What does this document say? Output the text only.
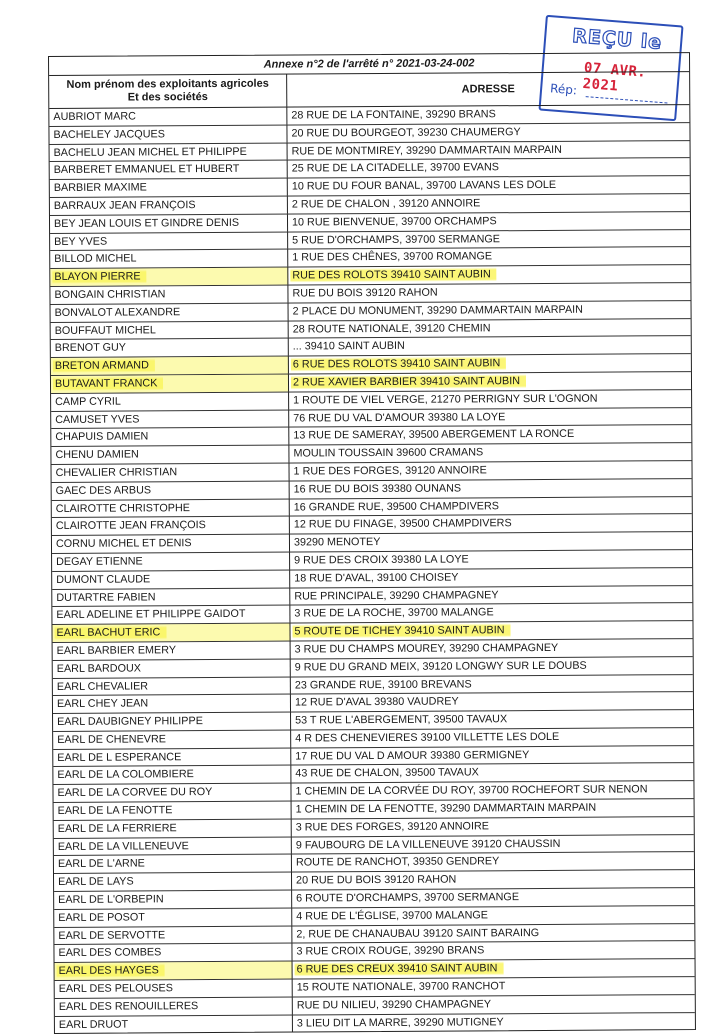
REÇU le
07 AVR. 2021
Rép:
Annexe n°2 de l'arrêté n° 2021-03-24-002
Nom prénom des exploitants agricoles
Et des sociétés
ADRESSE
AUBRIOT MARC	28 RUE DE LA FONTAINE, 39290 BRANS
BACHELEY JACQUES	20 RUE DU BOURGEOT, 39230 CHAUMERGY
BACHELU JEAN MICHEL ET PHILIPPE	RUE DE MONTMIREY, 39290 DAMMARTAIN MARPAIN
BARBERET EMMANUEL ET HUBERT	25 RUE DE LA CITADELLE, 39700 EVANS
BARBIER MAXIME	10 RUE DU FOUR BANAL, 39700 LAVANS LES DOLE
BARRAUX JEAN FRANÇOIS	2 RUE DE CHALON , 39120 ANNOIRE
BEY JEAN LOUIS ET GINDRE DENIS	10 RUE BIENVENUE, 39700 ORCHAMPS
BEY YVES	5 RUE D'ORCHAMPS, 39700 SERMANGE
BILLOD MICHEL	1 RUE DES CHÊNES, 39700 ROMANGE
BLAYON PIERRE	RUE DES ROLOTS 39410 SAINT AUBIN
BONGAIN CHRISTIAN	RUE DU BOIS 39120 RAHON
BONVALOT ALEXANDRE	2 PLACE DU MONUMENT, 39290 DAMMARTAIN MARPAIN
BOUFFAUT MICHEL	28 ROUTE NATIONALE, 39120 CHEMIN
BRENOT GUY	... 39410 SAINT AUBIN
BRETON ARMAND	6 RUE DES ROLOTS 39410 SAINT AUBIN
BUTAVANT FRANCK	2 RUE XAVIER BARBIER 39410 SAINT AUBIN
CAMP CYRIL	1 ROUTE DE VIEL VERGE, 21270 PERRIGNY SUR L'OGNON
CAMUSET YVES	76 RUE DU VAL D'AMOUR 39380 LA LOYE
CHAPUIS DAMIEN	13 RUE DE SAMERAY, 39500 ABERGEMENT LA RONCE
CHENU DAMIEN	MOULIN TOUSSAIN 39600 CRAMANS
CHEVALIER CHRISTIAN	1 RUE DES FORGES, 39120 ANNOIRE
GAEC DES ARBUS	16 RUE DU BOIS 39380 OUNANS
CLAIROTTE CHRISTOPHE	16 GRANDE RUE, 39500 CHAMPDIVERS
CLAIROTTE JEAN FRANÇOIS	12 RUE DU FINAGE, 39500 CHAMPDIVERS
CORNU MICHEL ET DENIS	39290 MENOTEY
DEGAY ETIENNE	9 RUE DES CROIX 39380 LA LOYE
DUMONT CLAUDE	18 RUE D'AVAL, 39100 CHOISEY
DUTARTRE FABIEN	RUE PRINCIPALE, 39290 CHAMPAGNEY
EARL ADELINE ET PHILIPPE GAIDOT	3 RUE DE LA ROCHE, 39700 MALANGE
EARL BACHUT ERIC	5 ROUTE DE TICHEY 39410 SAINT AUBIN
EARL BARBIER EMERY	3 RUE DU CHAMPS MOUREY, 39290 CHAMPAGNEY
EARL BARDOUX	9 RUE DU GRAND MEIX, 39120 LONGWY SUR LE DOUBS
EARL CHEVALIER	23 GRANDE RUE, 39100 BREVANS
EARL CHEY JEAN	12 RUE D'AVAL 39380 VAUDREY
EARL DAUBIGNEY PHILIPPE	53 T RUE L'ABERGEMENT, 39500 TAVAUX
EARL DE CHENEVRE	4 R DES CHENEVIERES 39100 VILLETTE LES DOLE
EARL DE L ESPERANCE	17 RUE DU VAL D AMOUR 39380 GERMIGNEY
EARL DE LA COLOMBIERE	43 RUE DE CHALON, 39500 TAVAUX
EARL DE LA CORVEE DU ROY	1 CHEMIN DE LA CORVÉE DU ROY, 39700 ROCHEFORT SUR NENON
EARL DE LA FENOTTE	1 CHEMIN DE LA FENOTTE, 39290 DAMMARTAIN MARPAIN
EARL DE LA FERRIERE	3 RUE DES FORGES, 39120 ANNOIRE
EARL DE LA VILLENEUVE	9 FAUBOURG DE LA VILLENEUVE 39120 CHAUSSIN
EARL DE L'ARNE	ROUTE DE RANCHOT, 39350 GENDREY
EARL DE LAYS	20 RUE DU BOIS 39120 RAHON
EARL DE L'ORBEPIN	6 ROUTE D'ORCHAMPS, 39700 SERMANGE
EARL DE POSOT	4 RUE DE L'ÉGLISE, 39700 MALANGE
EARL DE SERVOTTE	2, RUE DE CHANAUBAU 39120 SAINT BARAING
EARL DES COMBES	3 RUE CROIX ROUGE, 39290 BRANS
EARL DES HAYGES	6 RUE DES CREUX 39410 SAINT AUBIN
EARL DES PELOUSES	15 ROUTE NATIONALE, 39700 RANCHOT
EARL DES RENOUILLERES	RUE DU NILIEU, 39290 CHAMPAGNEY
EARL DRUOT	3 LIEU DIT LA MARRE, 39290 MUTIGNEY
